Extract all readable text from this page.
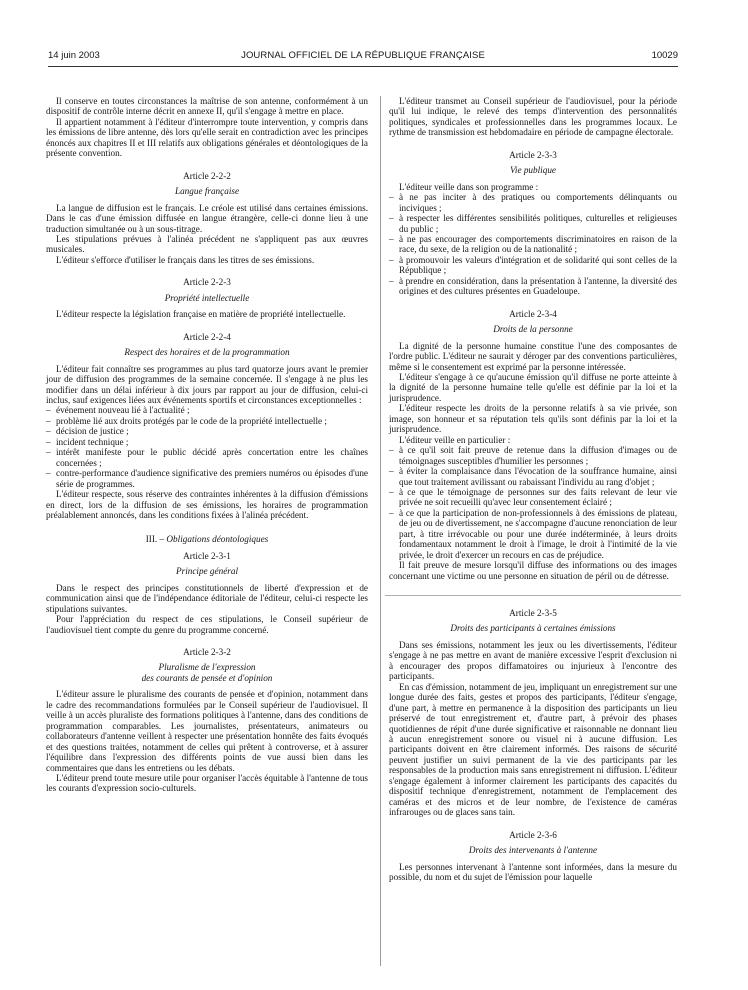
14 juin 2003	JOURNAL OFFICIEL DE LA RÉPUBLIQUE FRANÇAISE	10029

Il conserve en toutes circonstances la maîtrise de son antenne, conformément à un dispositif de contrôle interne décrit en annexe II, qu'il s'engage à mettre en place.

Il appartient notamment à l'éditeur d'interrompre toute intervention, y compris dans les émissions de libre antenne, dès lors qu'elle serait en contradiction avec les principes énoncés aux chapitres II et III relatifs aux obligations générales et déontologiques de la présente convention.

Article 2-2-2
Langue française

La langue de diffusion est le français. Le créole est utilisé dans certaines émissions. Dans le cas d'une émission diffusée en langue étrangère, celle-ci donne lieu à une traduction simultanée ou à un sous-titrage.

Les stipulations prévues à l'alinéa précédent ne s'appliquent pas aux œuvres musicales.

L'éditeur s'efforce d'utiliser le français dans les titres de ses émissions.

Article 2-2-3
Propriété intellectuelle

L'éditeur respecte la législation française en matière de propriété intellectuelle.

Article 2-2-4
Respect des horaires et de la programmation

L'éditeur fait connaître ses programmes au plus tard quatorze jours avant le premier jour de diffusion des programmes de la semaine concernée. Il s'engage à ne plus les modifier dans un délai inférieur à dix jours par rapport au jour de diffusion, celui-ci inclus, sauf exigences liées aux événements sportifs et circonstances exceptionnelles :

– événement nouveau lié à l'actualité ;
– problème lié aux droits protégés par le code de la propriété intellectuelle ;
– décision de justice ;
– incident technique ;
– intérêt manifeste pour le public décidé après concertation entre les chaînes concernées ;
– contre-performance d'audience significative des premiers numéros ou épisodes d'une série de programmes.

L'éditeur respecte, sous réserve des contraintes inhérentes à la diffusion d'émissions en direct, lors de la diffusion de ses émissions, les horaires de programmation préalablement annoncés, dans les conditions fixées à l'alinéa précédent.

III. – Obligations déontologiques
Article 2-3-1
Principe général

Dans le respect des principes constitutionnels de liberté d'expression et de communication ainsi que de l'indépendance éditoriale de l'éditeur, celui-ci respecte les stipulations suivantes.

Pour l'appréciation du respect de ces stipulations, le Conseil supérieur de l'audiovisuel tient compte du genre du programme concerné.

Article 2-3-2
Pluralisme de l'expression
des courants de pensée et d'opinion

L'éditeur assure le pluralisme des courants de pensée et d'opinion, notamment dans le cadre des recommandations formulées par le Conseil supérieur de l'audiovisuel. Il veille à un accès pluraliste des formations politiques à l'antenne, dans des conditions de programmation comparables. Les journalistes, présentateurs, animateurs ou collaborateurs d'antenne veillent à respecter une présentation honnête des faits évoqués et des questions traitées, notamment de celles qui prêtent à controverse, et à assurer l'équilibre dans l'expression des différents points de vue aussi bien dans les commentaires que dans les entretiens ou les débats.

L'éditeur prend toute mesure utile pour organiser l'accès équitable à l'antenne de tous les courants d'expression socio-culturels.

L'éditeur transmet au Conseil supérieur de l'audiovisuel, pour la période qu'il lui indique, le relevé des temps d'intervention des personnalités politiques, syndicales et professionnelles dans les programmes locaux. Le rythme de transmission est hebdomadaire en période de campagne électorale.

Article 2-3-3
Vie publique

L'éditeur veille dans son programme :

– à ne pas inciter à des pratiques ou comportements délinquants ou inciviques ;
– à respecter les différentes sensibilités politiques, culturelles et religieuses du public ;
– à ne pas encourager des comportements discriminatoires en raison de la race, du sexe, de la religion ou de la nationalité ;
– à promouvoir les valeurs d'intégration et de solidarité qui sont celles de la République ;
– à prendre en considération, dans la présentation à l'antenne, la diversité des origines et des cultures présentes en Guadeloupe.
Article 2-3-4
Droits de la personne

La dignité de la personne humaine constitue l'une des composantes de l'ordre public. L'éditeur ne saurait y déroger par des conventions particulières, même si le consentement est exprimé par la personne intéressée.

L'éditeur s'engage à ce qu'aucune émission qu'il diffuse ne porte atteinte à la dignité de la personne humaine telle qu'elle est définie par la loi et la jurisprudence.

L'éditeur respecte les droits de la personne relatifs à sa vie privée, son image, son honneur et sa réputation tels qu'ils sont définis par la loi et la jurisprudence.

L'éditeur veille en particulier :

– à ce qu'il soit fait preuve de retenue dans la diffusion d'images ou de témoignages susceptibles d'humilier les personnes ;
– à éviter la complaisance dans l'évocation de la souffrance humaine, ainsi que tout traitement avilissant ou rabaissant l'individu au rang d'objet ;
– à ce que le témoignage de personnes sur des faits relevant de leur vie privée ne soit recueilli qu'avec leur consentement éclairé ;
– à ce que la participation de non-professionnels à des émissions de plateau, de jeu ou de divertissement, ne s'accompagne d'aucune renonciation de leur part, à titre irrévocable ou pour une durée indéterminée, à leurs droits fondamentaux notamment le droit à l'image, le droit à l'intimité de la vie privée, le droit d'exercer un recours en cas de préjudice.

Il fait preuve de mesure lorsqu'il diffuse des informations ou des images concernant une victime ou une personne en situation de péril ou de détresse.

Article 2-3-5
Droits des participants à certaines émissions

Dans ses émissions, notamment les jeux ou les divertissements, l'éditeur s'engage à ne pas mettre en avant de manière excessive l'esprit d'exclusion ni à encourager des propos diffamatoires ou injurieux à l'encontre des participants.

En cas d'émission, notamment de jeu, impliquant un enregistrement sur une longue durée des faits, gestes et propos des participants, l'éditeur s'engage, d'une part, à mettre en permanence à la disposition des participants un lieu préservé de tout enregistrement et, d'autre part, à prévoir des phases quotidiennes de répit d'une durée significative et raisonnable ne donnant lieu à aucun enregistrement sonore ou visuel ni à aucune diffusion. Les participants doivent en être clairement informés. Des raisons de sécurité peuvent justifier un suivi permanent de la vie des participants par les responsables de la production mais sans enregistrement ni diffusion. L'éditeur s'engage également à informer clairement les participants des capacités du dispositif technique d'enregistrement, notamment de l'emplacement des caméras et des micros et de leur nombre, de l'existence de caméras infrarouges ou de glaces sans tain.

Article 2-3-6
Droits des intervenants à l'antenne

Les personnes intervenant à l'antenne sont informées, dans la mesure du possible, du nom et du sujet de l'émission pour laquelle
